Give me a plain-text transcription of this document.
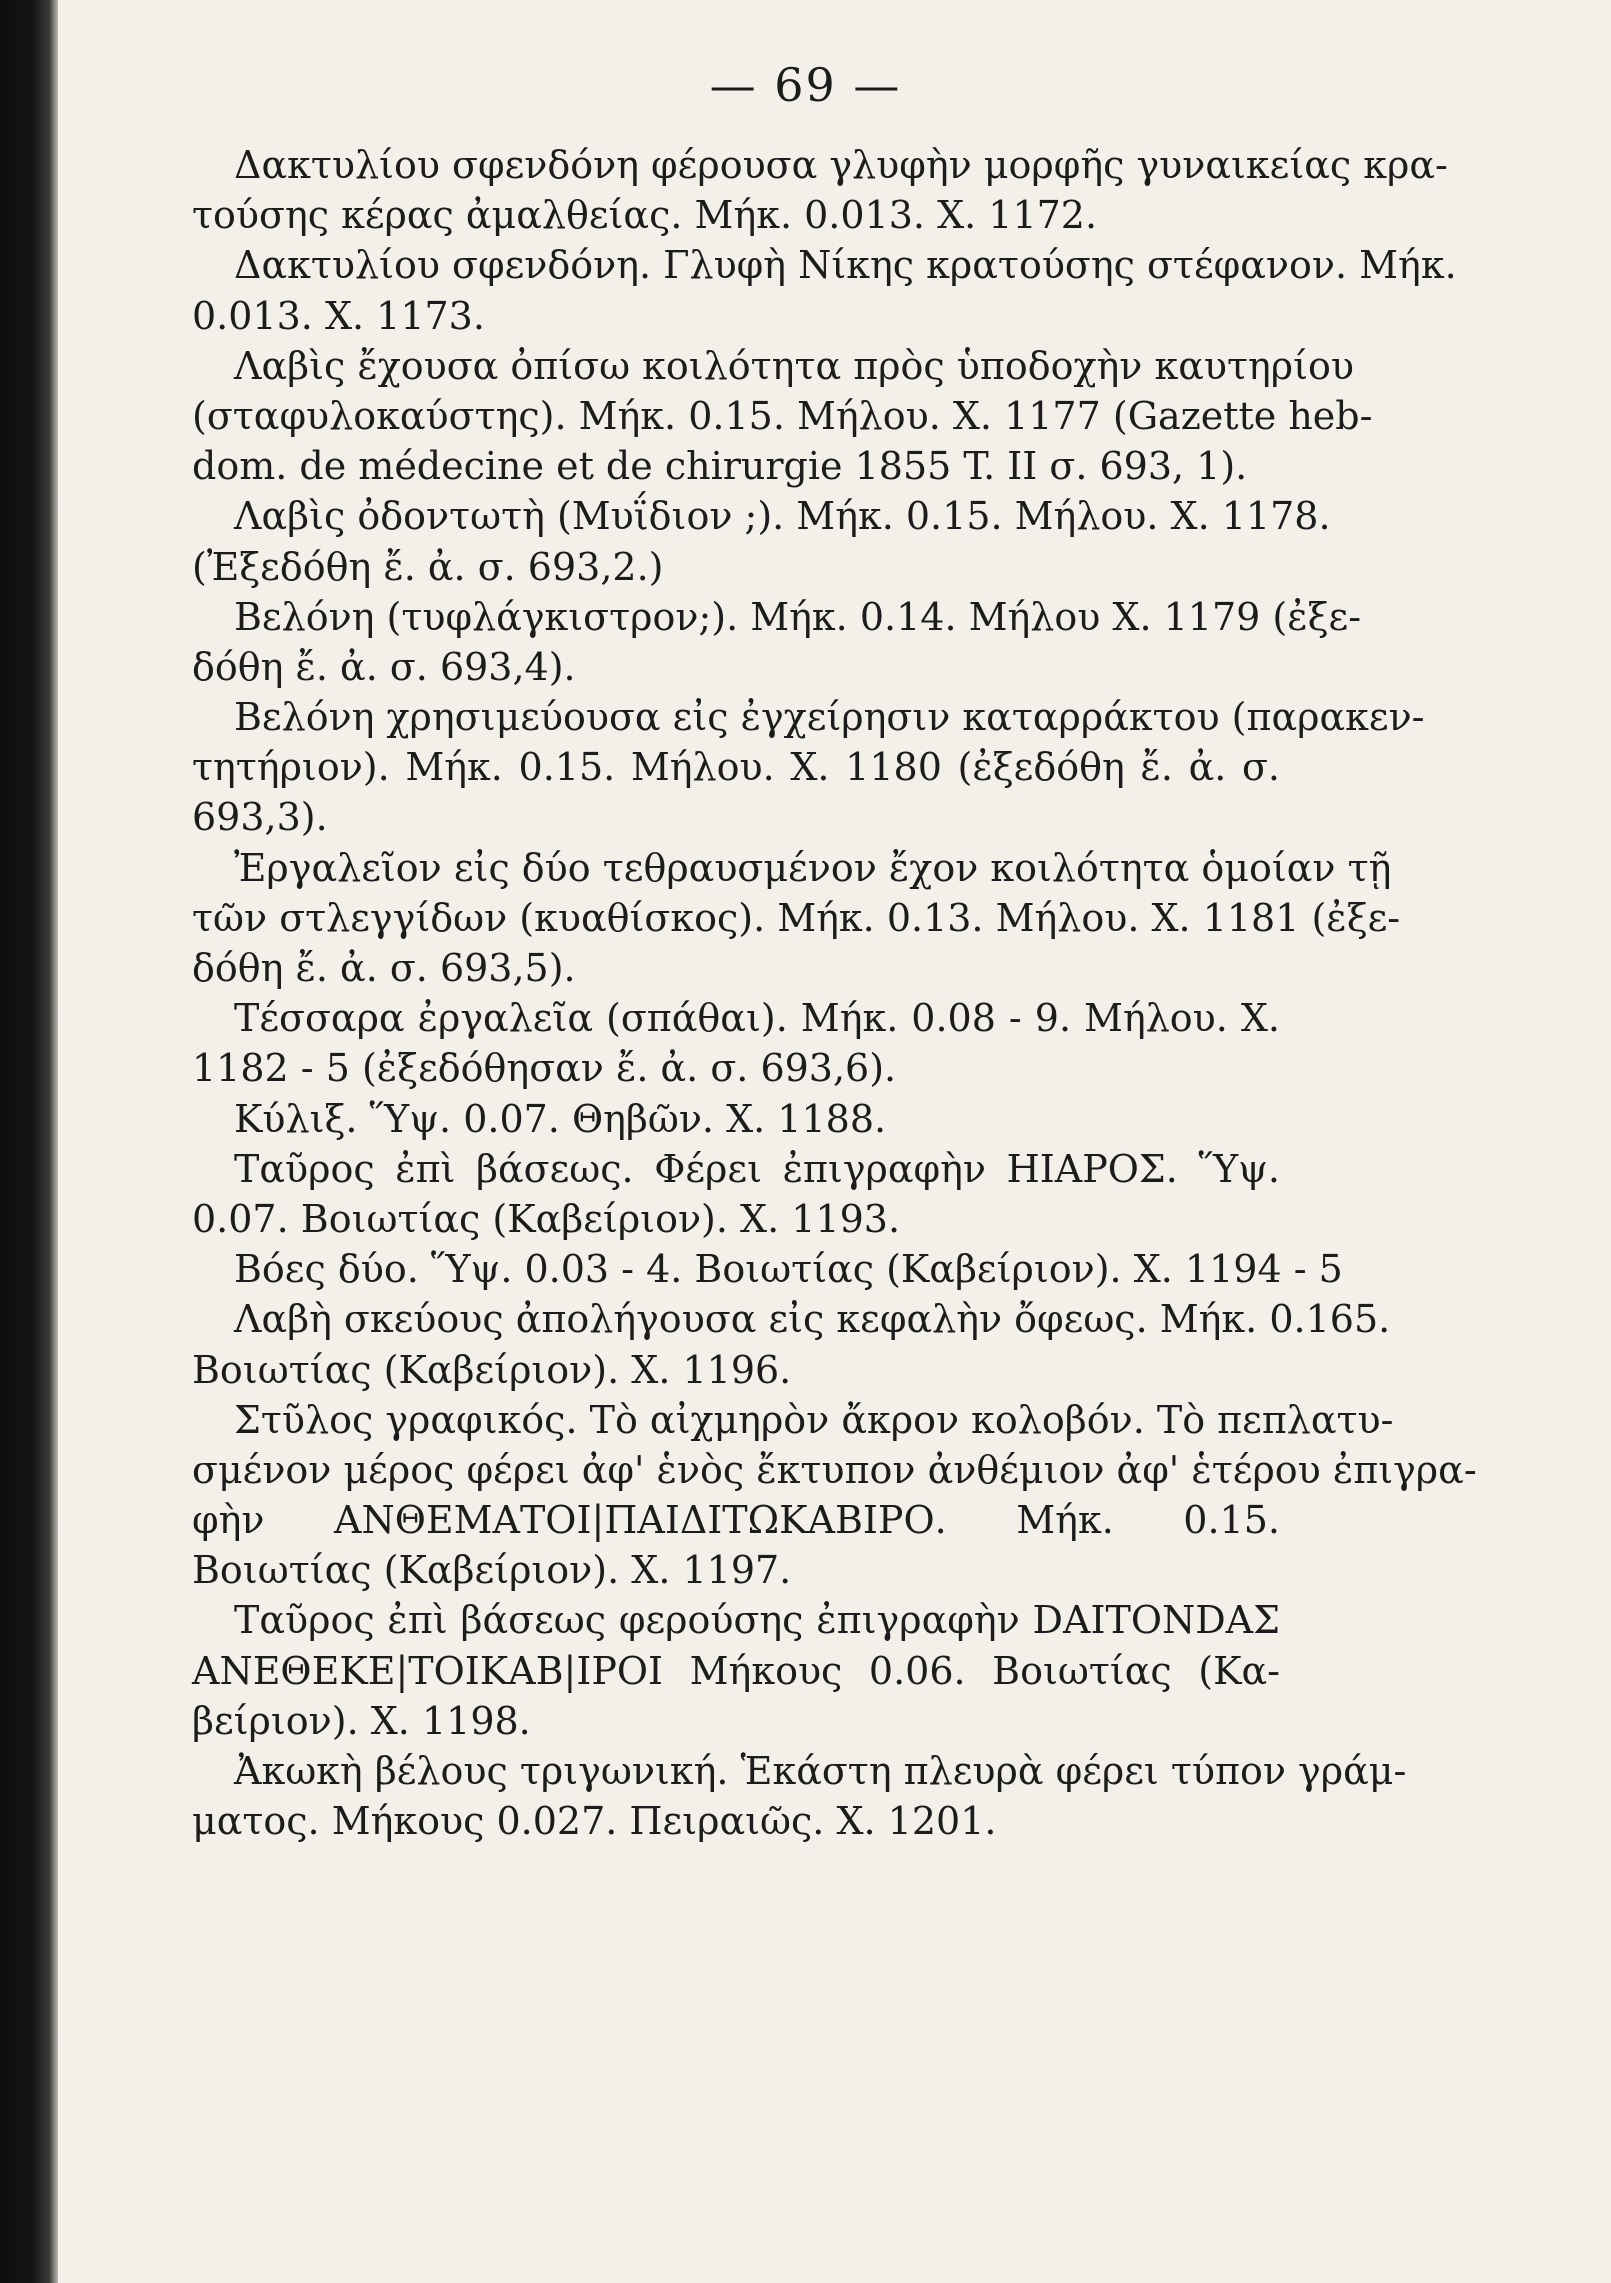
— 69 —
Δακτυλίου σφενδόνη φέρουσα γλυφὴν μορφῆς γυναικείας κρα-
τούσης κέρας ἀμαλθείας. Μήκ. 0.013. Χ. 1172.
Δακτυλίου σφενδόνη. Γλυφὴ Νίκης κρατούσης στέφανον. Μήκ.
0.013. Χ. 1173.
Λαβὶς ἔχουσα ὀπίσω κοιλότητα πρὸς ὑποδοχὴν καυτηρίου
(σταφυλοκαύστης). Μήκ. 0.15. Μήλου. Χ. 1177 (Gazette heb-
dom. de médecine et de chirurgie 1855 T. II σ. 693, 1).
Λαβὶς ὀδοντωτὴ (Μυΐδιον ;). Μήκ. 0.15. Μήλου. Χ. 1178.
(Ἐξεδόθη ἔ. ἀ. σ. 693,2.)
Βελόνη (τυφλάγκιστρον;). Μήκ. 0.14. Μήλου Χ. 1179 (ἐξε-
δόθη ἔ. ἀ. σ. 693,4).
Βελόνη χρησιμεύουσα εἰς ἐγχείρησιν καταρράκτου (παρακεν-
τητήριον). Μήκ. 0.15. Μήλου. Χ. 1180 (ἐξεδόθη ἔ. ἀ. σ.
693,3).
Ἐργαλεῖον εἰς δύο τεθραυσμένον ἔχον κοιλότητα ὁμοίαν τῇ
τῶν στλεγγίδων (κυαθίσκος). Μήκ. 0.13. Μήλου. Χ. 1181 (ἐξε-
δόθη ἔ. ἀ. σ. 693,5).
Τέσσαρα ἐργαλεῖα (σπάθαι). Μήκ. 0.08 - 9. Μήλου. Χ.
1182 - 5 (ἐξεδόθησαν ἔ. ἀ. σ. 693,6).
Κύλιξ. Ὕψ. 0.07. Θηβῶν. Χ. 1188.
Ταῦρος ἐπὶ βάσεως. Φέρει ἐπιγραφὴν ΗΙΑΡΟΣ. Ὕψ.
0.07. Βοιωτίας (Καβείριον). Χ. 1193.
Βόες δύο. Ὕψ. 0.03 - 4. Βοιωτίας (Καβείριον). Χ. 1194 - 5
Λαβὴ σκεύους ἀπολήγουσα εἰς κεφαλὴν ὄφεως. Μήκ. 0.165.
Βοιωτίας (Καβείριον). Χ. 1196.
Στῦλος γραφικός. Τὸ αἰχμηρὸν ἄκρον κολοβόν. Τὸ πεπλατυ-
σμένον μέρος φέρει ἀφ' ἑνὸς ἔκτυπον ἀνθέμιον ἀφ' ἑτέρου ἐπιγρα-
φὴν ΑΝΘΕΜΑΤΟΙ|ΠΑΙΔΙΤΩΚΑΒΙΡΟ. Μήκ. 0.15.
Βοιωτίας (Καβείριον). Χ. 1197.
Ταῦρος ἐπὶ βάσεως φερούσης ἐπιγραφὴν DAITONDAΣ
ΑΝΕΘΕΚΕ|ΤΟΙΚΑΒ|ΙΡΟΙ Μήκους 0.06. Βοιωτίας (Κα-
βείριον). Χ. 1198.
Ἀκωκὴ βέλους τριγωνική. Ἑκάστη πλευρὰ φέρει τύπον γράμ-
ματος. Μήκους 0.027. Πειραιῶς. Χ. 1201.
